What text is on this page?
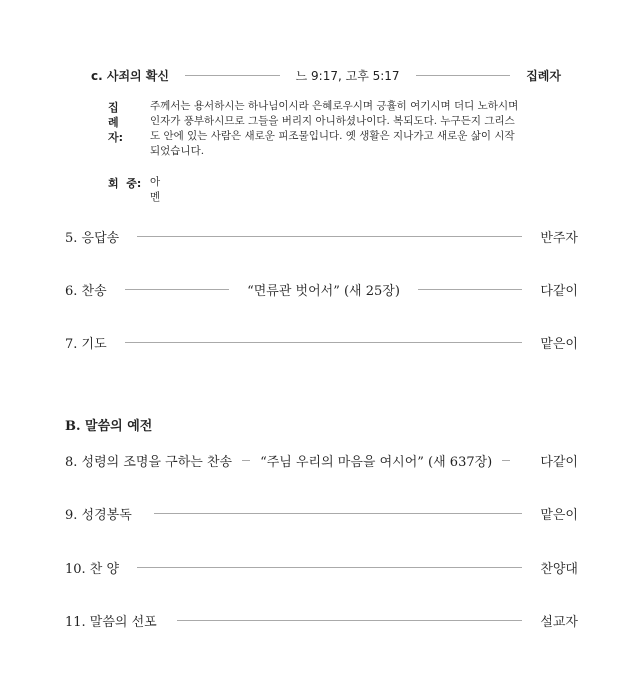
c. 사죄의 확신	느 9:17, 고후 5:17	집례자
집례자:
주께서는 용서하시는 하나님이시라 은혜로우시며 긍휼히 여기시며 더디 노하시며
인자가 풍부하시므로 그들을 버리지 아니하셨나이다. 복되도다. 누구든지 그리스
도 안에 있는 사람은 새로운 피조물입니다. 옛 생활은 지나가고 새로운 삶이 시작
되었습니다.
회  중: 아멘
5. 응답송	반주자
6. 찬송	“면류관 벗어서” (새 25장)	다같이
7. 기도	맡은이
B. 말씀의 예전
8. 성령의 조명을 구하는 찬송 “주님 우리의 마음을 여시어” (새 637장)	다같이
9. 성경봉독	맡은이
10. 찬 양	찬양대
11. 말씀의 선포	설교자
